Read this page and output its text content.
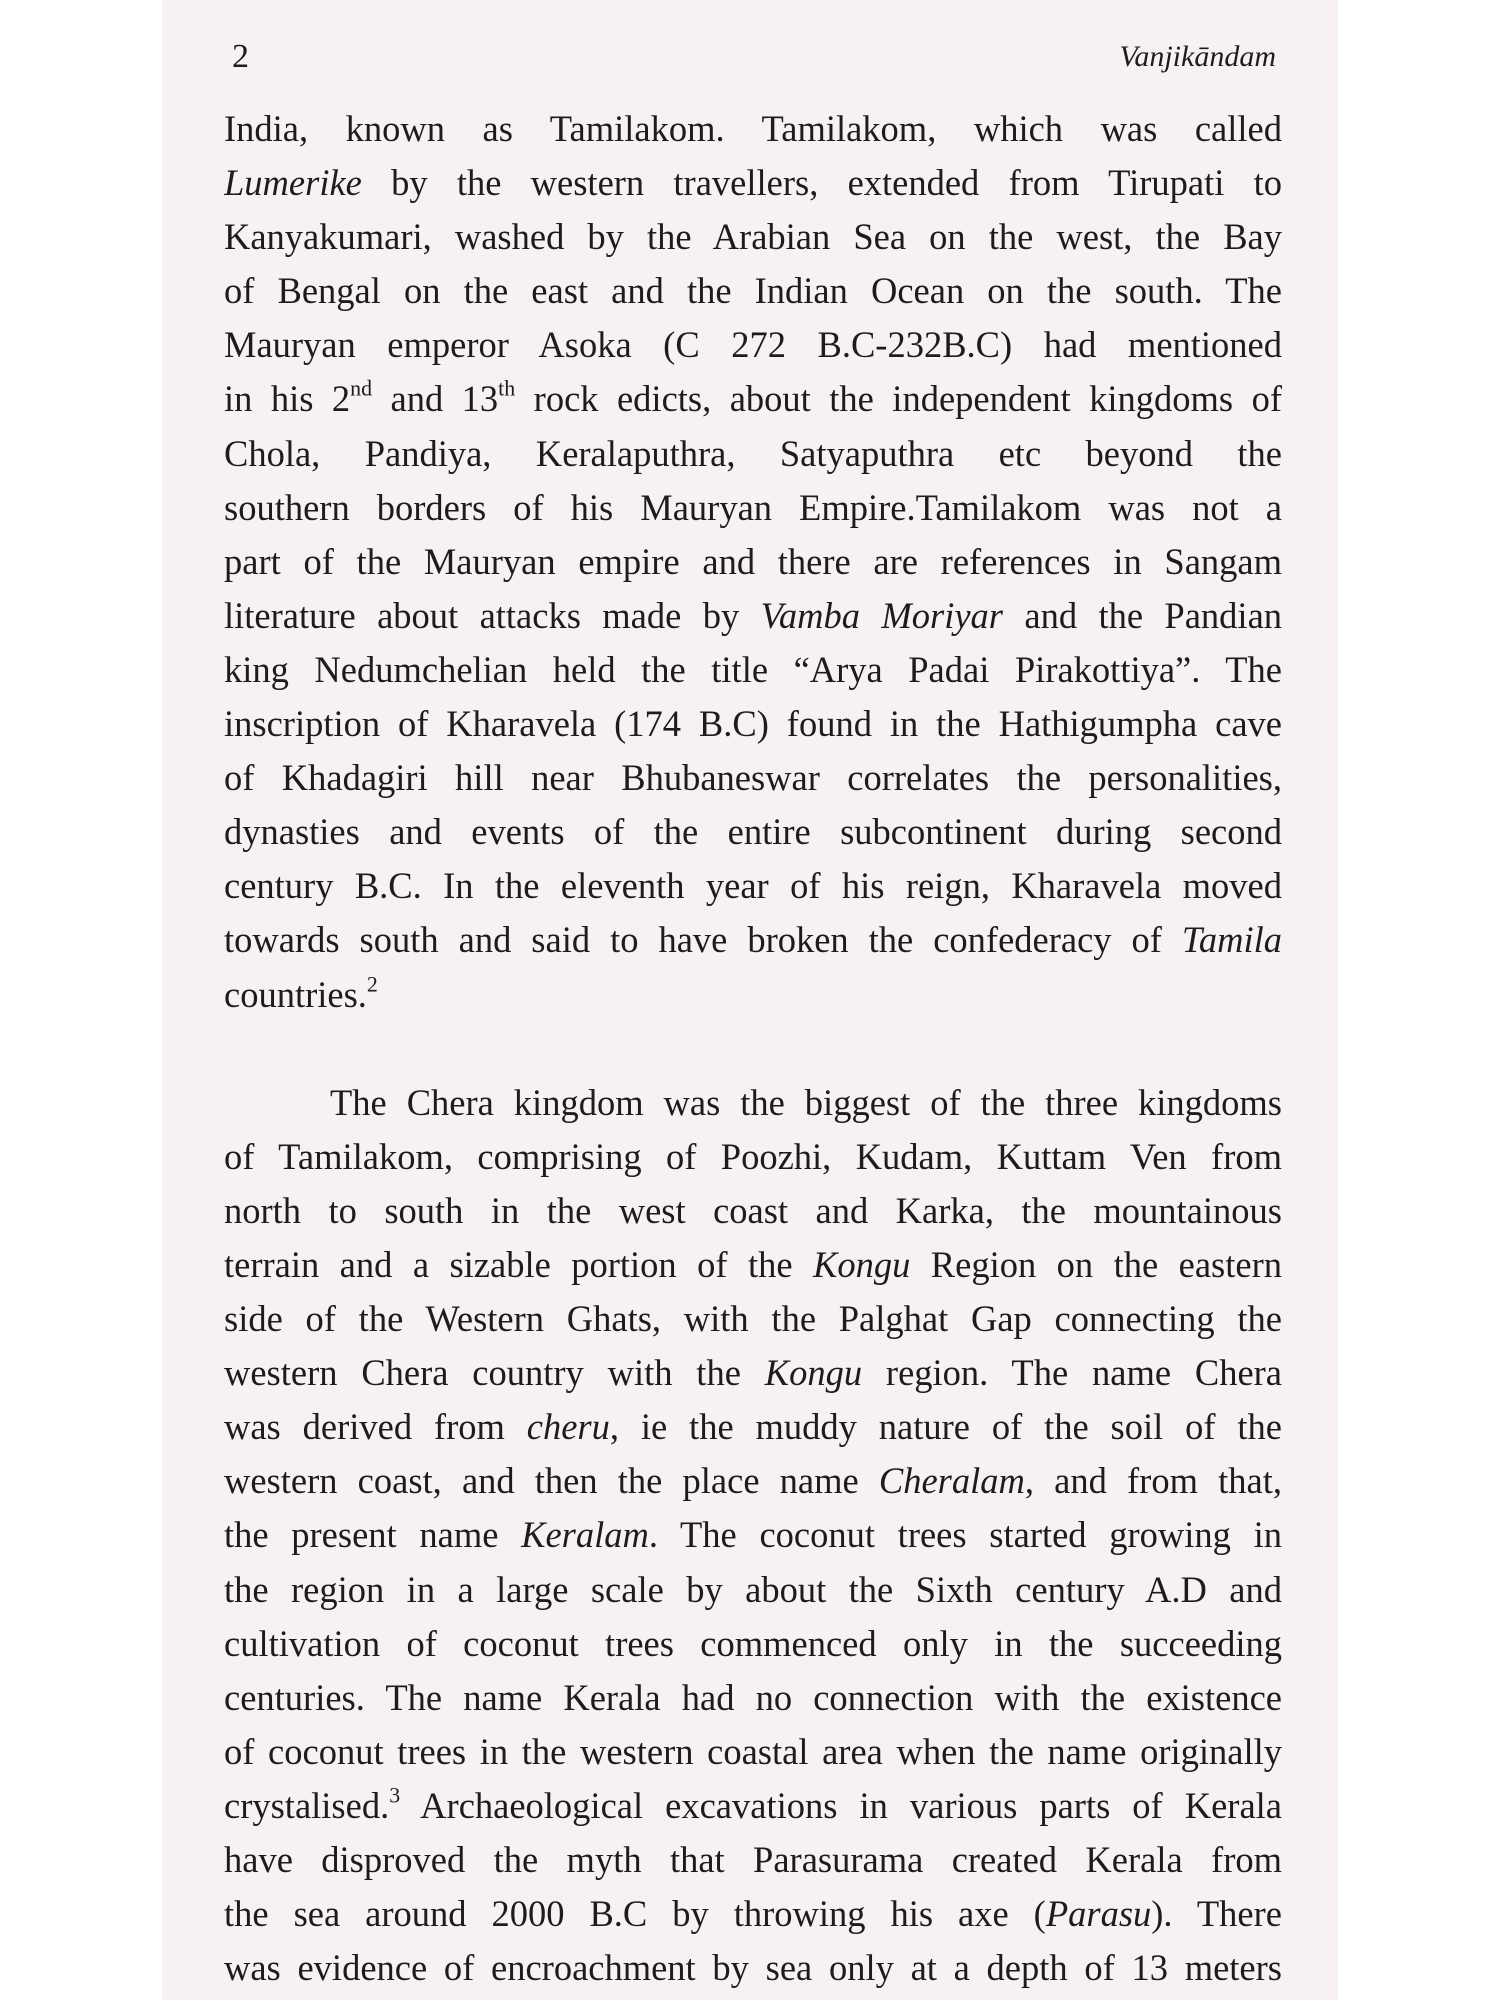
2	Vanjikāndam
India, known as Tamilakom. Tamilakom, which was called
Lumerike by the western travellers, extended from Tirupati to
Kanyakumari, washed by the Arabian Sea on the west, the Bay
of Bengal on the east and the Indian Ocean on the south. The
Mauryan emperor Asoka (C 272 B.C-232B.C) had mentioned
in his 2nd and 13th rock edicts, about the independent kingdoms of
Chola, Pandiya, Keralaputhra, Satyaputhra etc beyond the
southern borders of his Mauryan Empire.Tamilakom was not a
part of the Mauryan empire and there are references in Sangam
literature about attacks made by Vamba Moriyar and the Pandian
king Nedumchelian held the title “Arya Padai Pirakottiya”. The
inscription of Kharavela (174 B.C) found in the Hathigumpha cave
of Khadagiri hill near Bhubaneswar correlates the personalities,
dynasties and events of the entire subcontinent during second
century B.C. In the eleventh year of his reign, Kharavela moved
towards south and said to have broken the confederacy of Tamila
countries.$^2$
The Chera kingdom was the biggest of the three kingdoms
of Tamilakom, comprising of Poozhi, Kudam, Kuttam Ven from
north to south in the west coast and Karka, the mountainous
terrain and a sizable portion of the Kongu Region on the eastern
side of the Western Ghats, with the Palghat Gap connecting the
western Chera country with the Kongu region. The name Chera
was derived from cheru, ie the muddy nature of the soil of the
western coast, and then the place name Cheralam, and from that,
the present name Keralam. The coconut trees started growing in
the region in a large scale by about the Sixth century A.D and
cultivation of coconut trees commenced only in the succeeding
centuries. The name Kerala had no connection with the existence
of coconut trees in the western coastal area when the name originally
crystalised.$^3$ Archaeological excavations in various parts of Kerala
have disproved the myth that Parasurama created Kerala from
the sea around 2000 B.C by throwing his axe (Parasu). There
was evidence of encroachment by sea only at a depth of 13 meters
